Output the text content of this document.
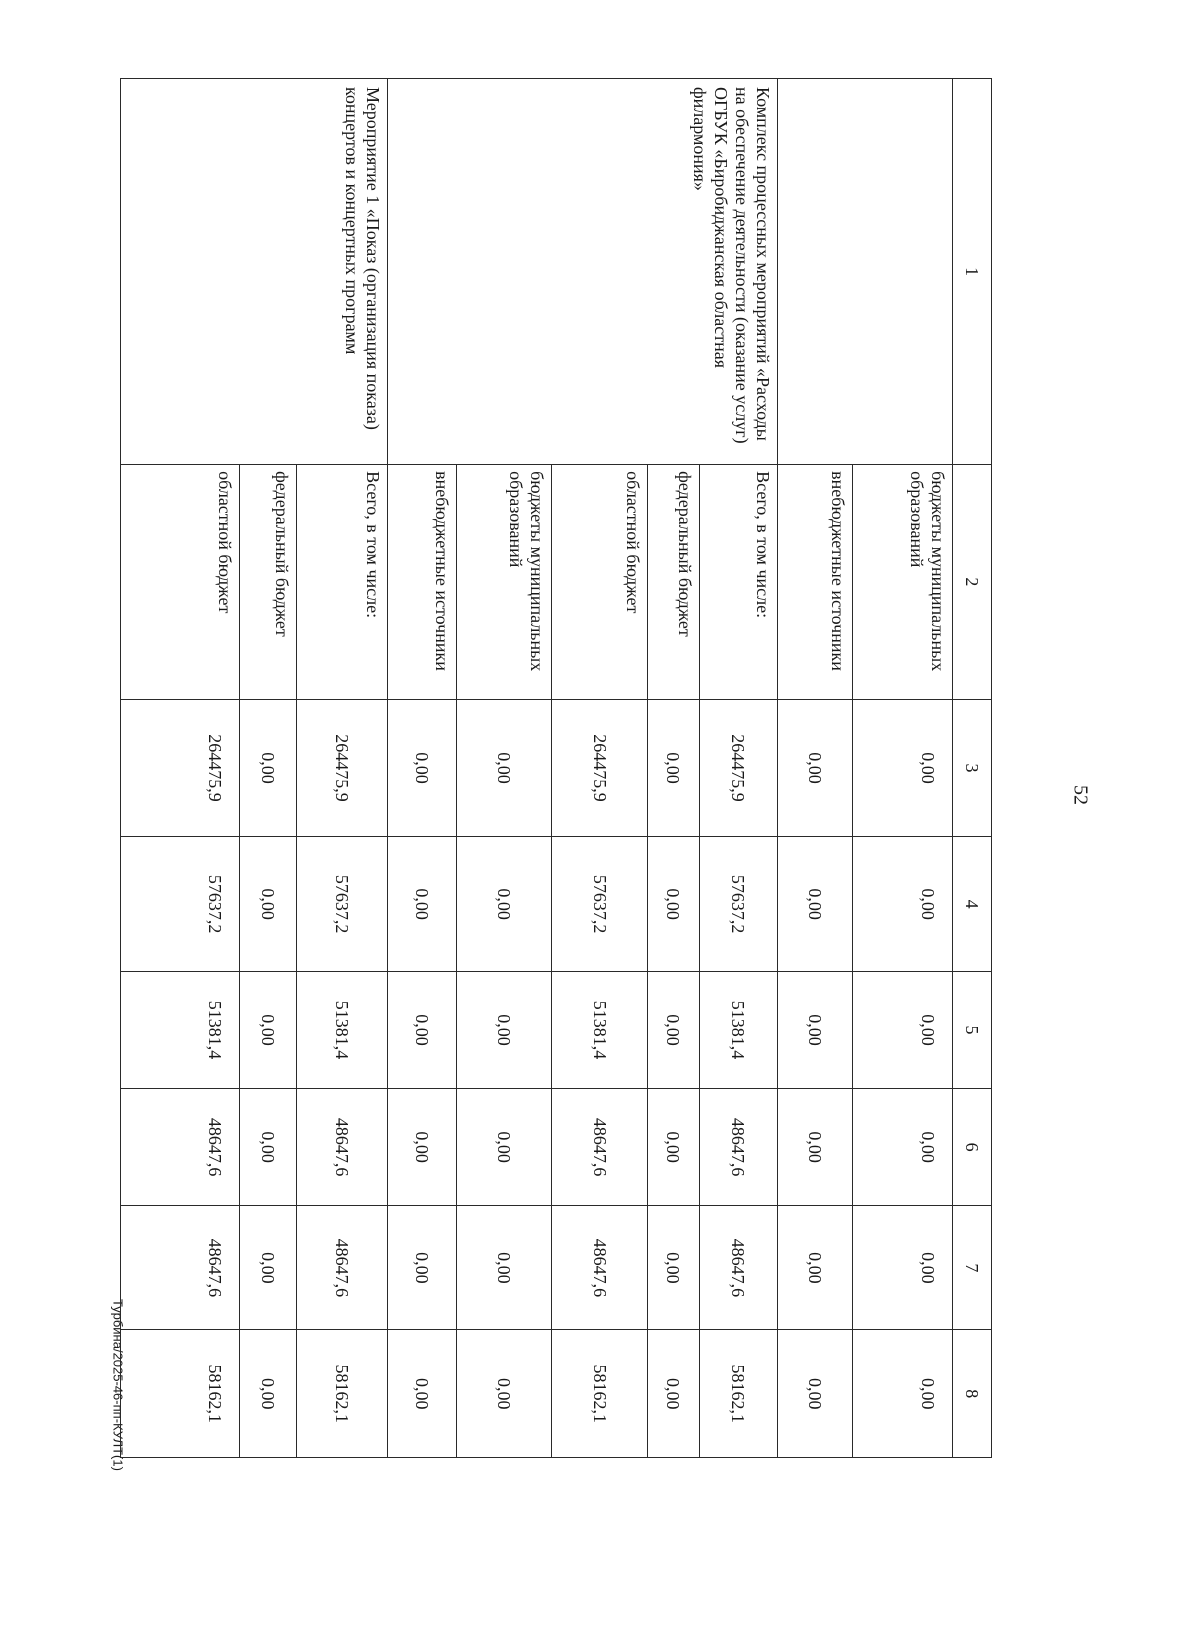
52
Турбина/2025-46-пп-КУЛТ(1)
1	2	3	4	5	6	7	8
	бюджеты муниципальных образований	0,00	0,00	0,00	0,00	0,00	0,00
	внебюджетные источники	0,00	0,00	0,00	0,00	0,00	0,00
Комплекс процессных мероприятий «Расходы на обеспечение деятельности (оказание услуг) ОГБУК «Биробиджанская областная филармония»	Всего, в том числе:	264475,9	57637,2	51381,4	48647,6	48647,6	58162,1
	федеральный бюджет	0,00	0,00	0,00	0,00	0,00	0,00
	областной бюджет	264475,9	57637,2	51381,4	48647,6	48647,6	58162,1
	бюджеты муниципальных образований	0,00	0,00	0,00	0,00	0,00	0,00
	внебюджетные источники	0,00	0,00	0,00	0,00	0,00	0,00
Мероприятие 1 «Показ (организация показа) концертов и концертных программ	Всего, в том числе:	264475,9	57637,2	51381,4	48647,6	48647,6	58162,1
	федеральный бюджет	0,00	0,00	0,00	0,00	0,00	0,00
	областной бюджет	264475,9	57637,2	51381,4	48647,6	48647,6	58162,1
